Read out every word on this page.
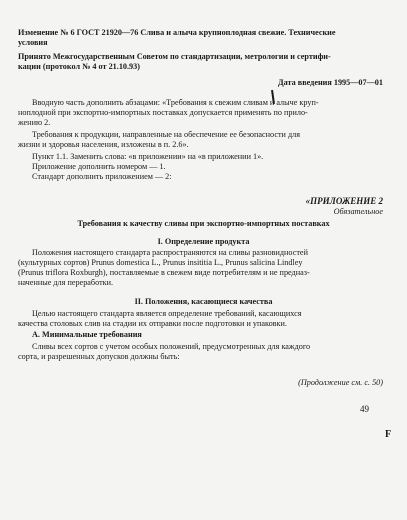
Изменение № 6 ГОСТ 21920—76 Слива и алыча крупноплодная свежие. Технические
условия
Принято Межгосударственным Советом по стандартизации, метрологии и сертифи-
кации (протокол № 4 от 21.10.93)
Дата введения 1995—07—01
Вводную часть дополнить абзацами: «Требования к свежим сливам и алыче круп-
ноплодной при экспортно-импортных поставках допускается применять по прило-
жению 2.
Требования к продукции, направленные на обеспечение ее безопасности для
жизни и здоровья населения, изложены в п. 2.6».
Пункт 1.1. Заменить слова: «в приложении» на «в приложении 1».
Приложение дополнить номером — 1.
Стандарт дополнить приложением — 2:
«ПРИЛОЖЕНИЕ 2
Обязательное
Требования к качеству сливы при экспортно-импортных поставках
I. Определение продукта
Положения настоящего стандарта распространяются на сливы разновидностей
(культурных сортов) Prunus domestica L., Prunus insititia L., Prunus salicina Lindley
(Prunus triflora Roxburgh), поставляемые в свежем виде потребителям и не предназ-
наченные для переработки.
II. Положения, касающиеся качества
Целью настоящего стандарта является определение требований, касающихся
качества столовых слив на стадии их отправки после подготовки и упаковки.
А. Минимальные требования
Сливы всех сортов с учетом особых положений, предусмотренных для каждого
сорта, и разрешенных допусков должны быть:
(Продолжение см. с. 50)
49
F
